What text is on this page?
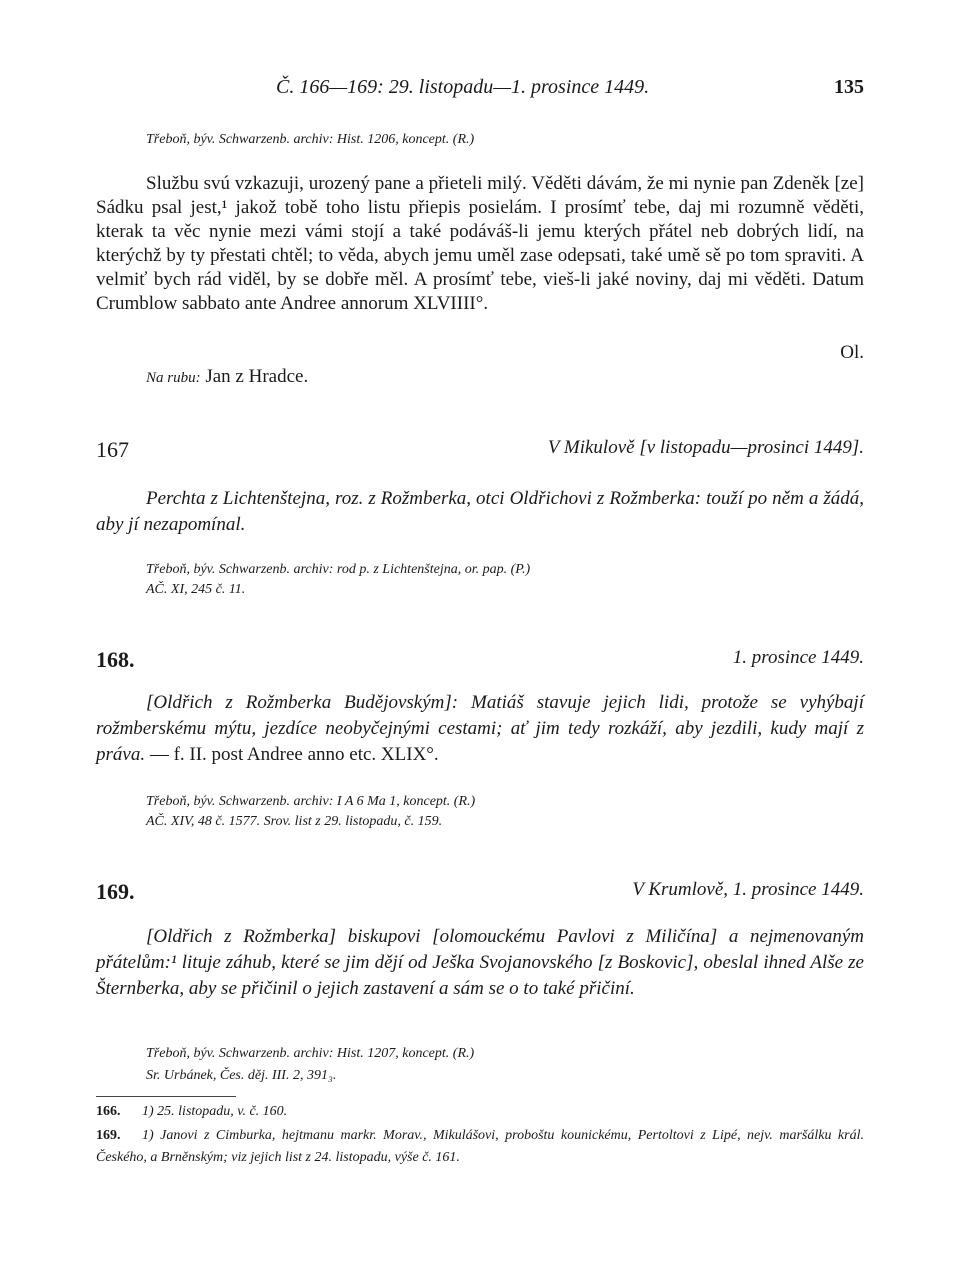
Č. 166—169: 29. listopadu—1. prosince 1449.	135
Třeboň, býv. Schwarzenb. archiv: Hist. 1206, koncept. (R.)
Službu svú vzkazuji, urozený pane a přieteli milý. Věděti dávám, že mi nynie pan Zdeněk [ze] Sádku psal jest,¹ jakož tobě toho listu přiepis posielám. I prosímť tebe, daj mi rozumně věděti, kterak ta věc nynie mezi vámi stojí a také podáváš-li jemu kterých přátel neb dobrých lidí, na kterýchž by ty přestati chtěl; to věda, abych jemu uměl zase odepsati, také umě sě po tom spraviti. A velmiť bych rád viděl, by se dobře měl. A prosímť tebe, vieš-li jaké noviny, daj mi věděti. Datum Crumblow sabbato ante Andree annorum XLVIIII°.
Ol.
Na rubu: Jan z Hradce.
167	V Mikulově [v listopadu—prosinci 1449].
Perchta z Lichtenštejna, roz. z Rožmberka, otci Oldřichovi z Rožmberka: touží po něm a žádá, aby jí nezapomínal.
Třeboň, býv. Schwarzenb. archiv: rod p. z Lichtenštejna, or. pap. (P.)
AČ. XI, 245 č. 11.
168.	1. prosince 1449.
[Oldřich z Rožmberka Budějovským]: Matiáš stavuje jejich lidi, protože se vyhýbají rožmberskému mýtu, jezdíce neobyčejnými cestami; ať jim tedy rozkáží, aby jezdili, kudy mají z práva. — f. II. post Andree anno etc. XLIX°.
Třeboň, býv. Schwarzenb. archiv: I A 6 Ma 1, koncept. (R.)
AČ. XIV, 48 č. 1577. Srov. list z 29. listopadu, č. 159.
169.	V Krumlově, 1. prosince 1449.
[Oldřich z Rožmberka] biskupovi [olomouckému Pavlovi z Miličína] a nejmenovaným přátelům:¹ lituje záhub, které se jim dějí od Ješka Svojanovského [z Boskovic], obeslal ihned Alše ze Šternberka, aby se přičinil o jejich zastavení a sám se o to také přičiní.
Třeboň, býv. Schwarzenb. archiv: Hist. 1207, koncept. (R.)
Sr. Urbánek, Čes. děj. III. 2, 391₃.
166. 1) 25. listopadu, v. č. 160.
169. 1) Janovi z Cimburka, hejtmanu markr. Morav., Mikulášovi, proboštu kounickému, Pertoltovi z Lipé, nejv. maršálku král. Českého, a Brněnským; viz jejich list z 24. listopadu, výše č. 161.
